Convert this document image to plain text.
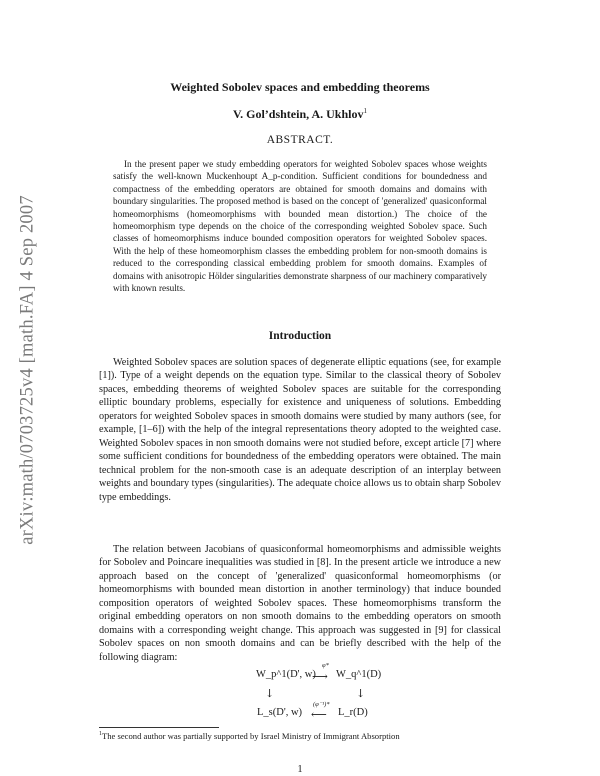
arXiv:math/0703725v4 [math.FA] 4 Sep 2007
Weighted Sobolev spaces and embedding theorems
V. Gol’dshtein, A. Ukhlov$^1$
ABSTRACT.

In the present paper we study embedding operators for weighted Sobolev spaces whose weights satisfy the well-known Muckenhoupt A_p-condition. Sufficient conditions for boundedness and compactness of the embedding operators are obtained for smooth domains and domains with boundary singularities. The proposed method is based on the concept of 'generalized' quasiconformal homeomorphisms (homeomorphisms with bounded mean distortion.) The choice of the homeomorphism type depends on the choice of the corresponding weighted Sobolev space. Such classes of homeomorphisms induce bounded composition operators for weighted Sobolev spaces. With the help of these homeomorphism classes the embedding problem for non-smooth domains is reduced to the corresponding classical embedding problem for smooth domains. Examples of domains with anisotropic Hölder singularities demonstrate sharpness of our machinery comparatively with known results.

Introduction

Weighted Sobolev spaces are solution spaces of degenerate elliptic equations (see, for example [1]). Type of a weight depends on the equation type. Similar to the classical theory of Sobolev spaces, embedding theorems of weighted Sobolev spaces are suitable for the corresponding elliptic boundary problems, especially for existence and uniqueness of solutions. Embedding operators for weighted Sobolev spaces in smooth domains were studied by many authors (see, for example, [1–6]) with the help of the integral representations theory adopted to the weighted case. Weighted Sobolev spaces in non smooth domains were not studied before, except article [7] where some sufficient conditions for boundedness of the embedding operators were obtained. The main technical problem for the non-smooth case is an adequate description of an interplay between weights and boundary types (singularities). The adequate choice allows us to obtain sharp Sobolev type embeddings.

The relation between Jacobians of quasiconformal homeomorphisms and admissible weights for Sobolev and Poincare inequalities was studied in [8]. In the present article we introduce a new approach based on the concept of 'generalized' quasiconformal homeomorphisms (or homeomorphisms with bounded mean distortion in another terminology) that induce bounded composition operators of weighted Sobolev spaces. These homeomorphisms transform the original embedding operators on non smooth domains to the embedding operators on smooth domains with a corresponding weight change. This approach was suggested in [9] for classical Sobolev spaces on non smooth domains and can be briefly described with the help of the following diagram:

W_p^1(D', w)
⟶
φ*
W_q^1(D)
↓	↓
L_s(D', w) ⟵
(φ⁻¹)*
L_r(D)
$^1$The second author was partially supported by Israel Ministry of Immigrant Absorption
1
